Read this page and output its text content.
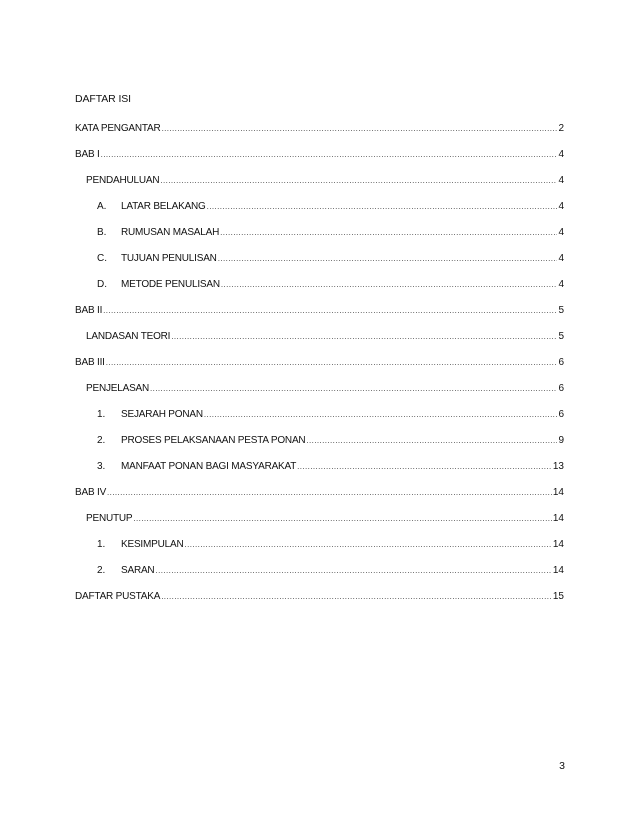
DAFTAR ISI
KATA PENGANTAR .....	2
BAB I .....	4
PENDAHULUAN .....	4
A.	LATAR BELAKANG .....	4
B.	RUMUSAN MASALAH .....	4
C.	TUJUAN PENULISAN .....	4
D.	METODE PENULISAN .....	4
BAB II .....	5
LANDASAN TEORI .....	5
BAB III .....	6
PENJELASAN .....	6
1.	SEJARAH PONAN .....	6
2.	PROSES PELAKSANAAN PESTA PONAN .....	9
3.	MANFAAT PONAN BAGI MASYARAKAT .....	13
BAB IV .....	14
PENUTUP .....	14
1.	KESIMPULAN .....	14
2.	SARAN .....	14
DAFTAR PUSTAKA .....	15
3
